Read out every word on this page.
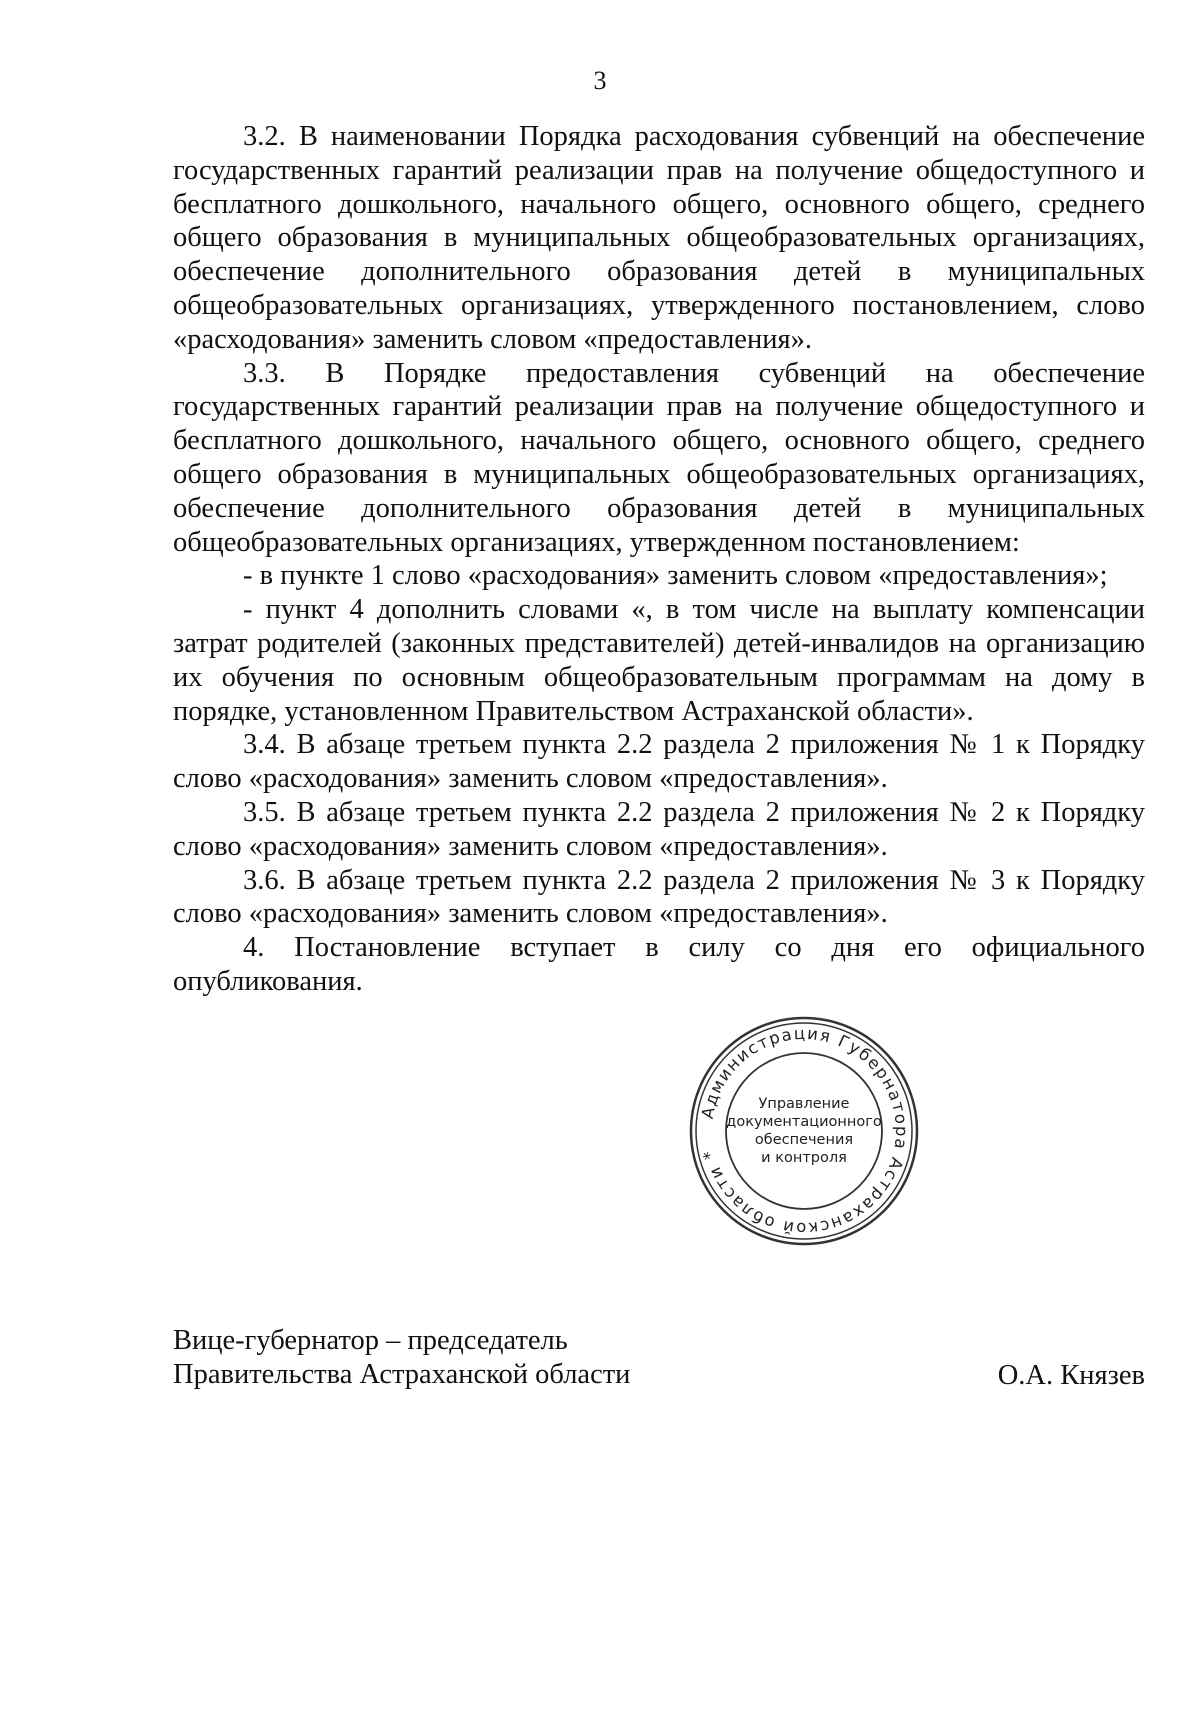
3

3.2. В наименовании Порядка расходования субвенций на обеспечение государственных гарантий реализации прав на получение общедоступного и бесплатного дошкольного, начального общего, основного общего, среднего общего образования в муниципальных общеобразовательных организациях, обеспечение дополнительного образования детей в муниципальных общеобразовательных организациях, утвержденного постановлением, слово «расходования» заменить словом «предоставления».

3.3. В Порядке предоставления субвенций на обеспечение государственных гарантий реализации прав на получение общедоступного и бесплатного дошкольного, начального общего, основного общего, среднего общего образования в муниципальных общеобразовательных организациях, обеспечение дополнительного образования детей в муниципальных общеобразовательных организациях, утвержденном постановлением:

- в пункте 1 слово «расходования» заменить словом «предоставления»;

- пункт 4 дополнить словами «, в том числе на выплату компенсации затрат родителей (законных представителей) детей-инвалидов на организацию их обучения по основным общеобразовательным программам на дому в порядке, установленном Правительством Астраханской области».

3.4. В абзаце третьем пункта 2.2 раздела 2 приложения № 1 к Порядку слово «расходования» заменить словом «предоставления».

3.5. В абзаце третьем пункта 2.2 раздела 2 приложения № 2 к Порядку слово «расходования» заменить словом «предоставления».

3.6. В абзаце третьем пункта 2.2 раздела 2 приложения № 3 к Порядку слово «расходования» заменить словом «предоставления».

4. Постановление вступает в силу со дня его официального опубликования.

Вице-губернатор – председатель
Правительства Астраханской области	О.А. Князев
Администрация Губернатора Астраханской области *
Управление
документационного
обеспечения
и контроля
